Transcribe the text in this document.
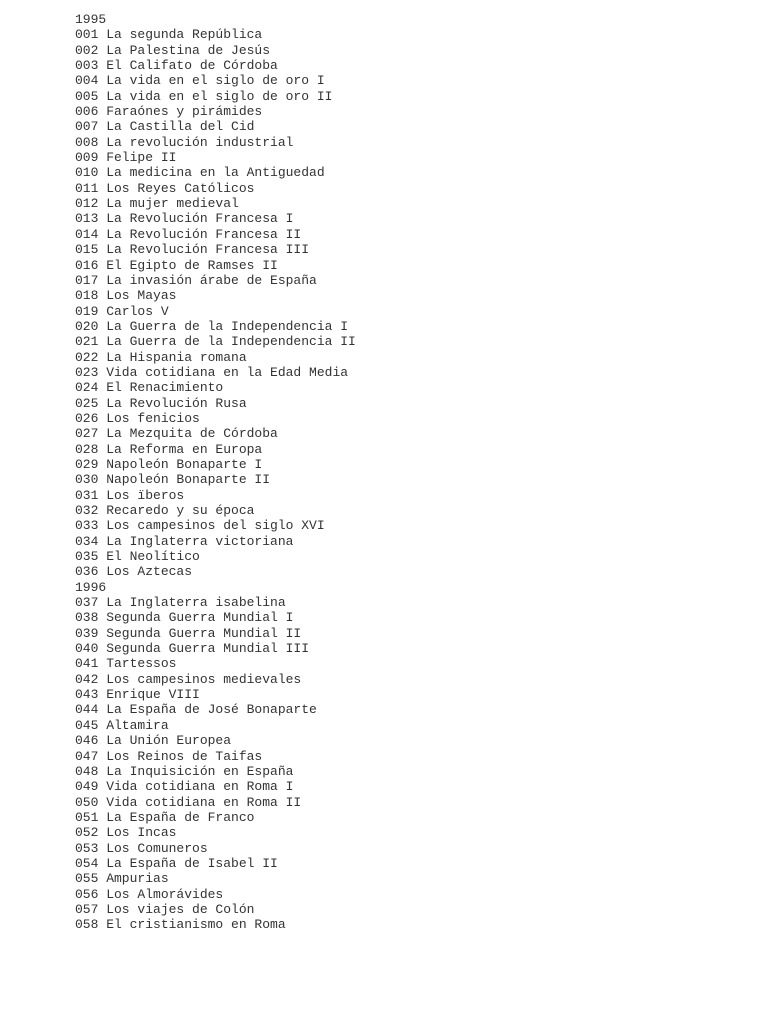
1995
001 La segunda República
002 La Palestina de Jesús
003 El Califato de Córdoba
004 La vida en el siglo de oro I
005 La vida en el siglo de oro II
006 Faraónes y pirámides
007 La Castilla del Cid
008 La revolución industrial
009 Felipe II
010 La medicina en la Antiguedad
011 Los Reyes Católicos
012 La mujer medieval
013 La Revolución Francesa I
014 La Revolución Francesa II
015 La Revolución Francesa III
016 El Egipto de Ramses II
017 La invasión árabe de España
018 Los Mayas
019 Carlos V
020 La Guerra de la Independencia I
021 La Guerra de la Independencia II
022 La Hispania romana
023 Vida cotidiana en la Edad Media
024 El Renacimiento
025 La Revolución Rusa
026 Los fenicios
027 La Mezquita de Córdoba
028 La Reforma en Europa
029 Napoleón Bonaparte I
030 Napoleón Bonaparte II
031 Los ïberos
032 Recaredo y su época
033 Los campesinos del siglo XVI
034 La Inglaterra victoriana
035 El Neolítico
036 Los Aztecas
1996
037 La Inglaterra isabelina
038 Segunda Guerra Mundial I
039 Segunda Guerra Mundial II
040 Segunda Guerra Mundial III
041 Tartessos
042 Los campesinos medievales
043 Enrique VIII
044 La España de José Bonaparte
045 Altamira
046 La Unión Europea
047 Los Reinos de Taifas
048 La Inquisición en España
049 Vida cotidiana en Roma I
050 Vida cotidiana en Roma II
051 La España de Franco
052 Los Incas
053 Los Comuneros
054 La España de Isabel II
055 Ampurias
056 Los Almorávides
057 Los viajes de Colón
058 El cristianismo en Roma
